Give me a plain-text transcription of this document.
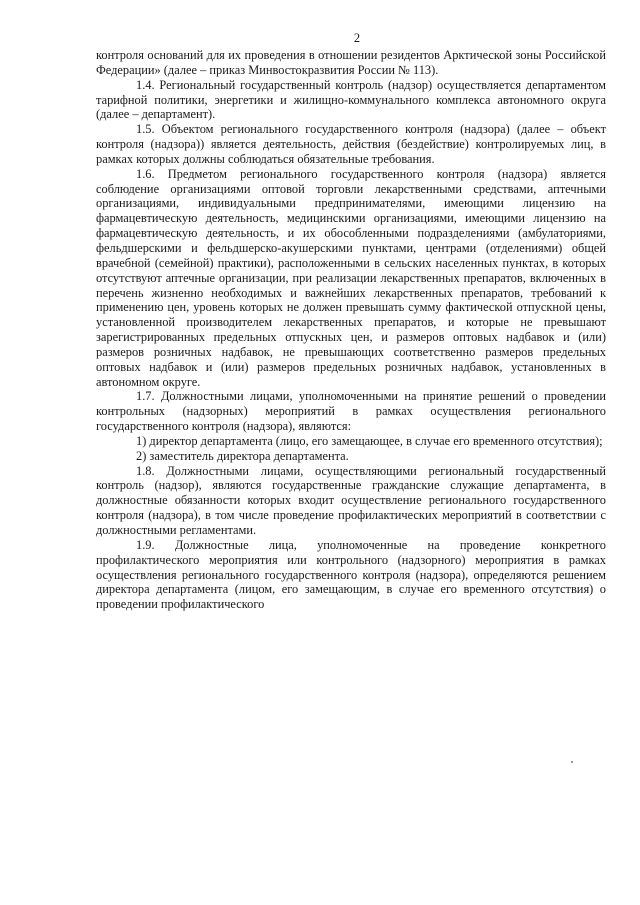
2

контроля оснований для их проведения в отношении резидентов Арктической зоны Российской Федерации» (далее – приказ Минвостокразвития России № 113).

1.4. Региональный государственный контроль (надзор) осуществляется департаментом тарифной политики, энергетики и жилищно-коммунального комплекса автономного округа (далее – департамент).

1.5. Объектом регионального государственного контроля (надзора) (далее – объект контроля (надзора)) является деятельность, действия (бездействие) контролируемых лиц, в рамках которых должны соблюдаться обязательные требования.

1.6. Предметом регионального государственного контроля (надзора) является соблюдение организациями оптовой торговли лекарственными средствами, аптечными организациями, индивидуальными предпринимателями, имеющими лицензию на фармацевтическую деятельность, медицинскими организациями, имеющими лицензию на фармацевтическую деятельность, и их обособленными подразделениями (амбулаториями, фельдшерскими и фельдшерско-акушерскими пунктами, центрами (отделениями) общей врачебной (семейной) практики), расположенными в сельских населенных пунктах, в которых отсутствуют аптечные организации, при реализации лекарственных препаратов, включенных в перечень жизненно необходимых и важнейших лекарственных препаратов, требований к применению цен, уровень которых не должен превышать сумму фактической отпускной цены, установленной производителем лекарственных препаратов, и которые не превышают зарегистрированных предельных отпускных цен, и размеров оптовых надбавок и (или) размеров розничных надбавок, не превышающих соответственно размеров предельных оптовых надбавок и (или) размеров предельных розничных надбавок, установленных в автономном округе.

1.7. Должностными лицами, уполномоченными на принятие решений о проведении контрольных (надзорных) мероприятий в рамках осуществления регионального государственного контроля (надзора), являются:

1) директор департамента (лицо, его замещающее, в случае его временного отсутствия);

2) заместитель директора департамента.

1.8. Должностными лицами, осуществляющими региональный государственный контроль (надзор), являются государственные гражданские служащие департамента, в должностные обязанности которых входит осуществление регионального государственного контроля (надзора), в том числе проведение профилактических мероприятий в соответствии с должностными регламентами.

1.9. Должностные лица, уполномоченные на проведение конкретного профилактического мероприятия или контрольного (надзорного) мероприятия в рамках осуществления регионального государственного контроля (надзора), определяются решением директора департамента (лицом, его замещающим, в случае его временного отсутствия) о проведении профилактического
